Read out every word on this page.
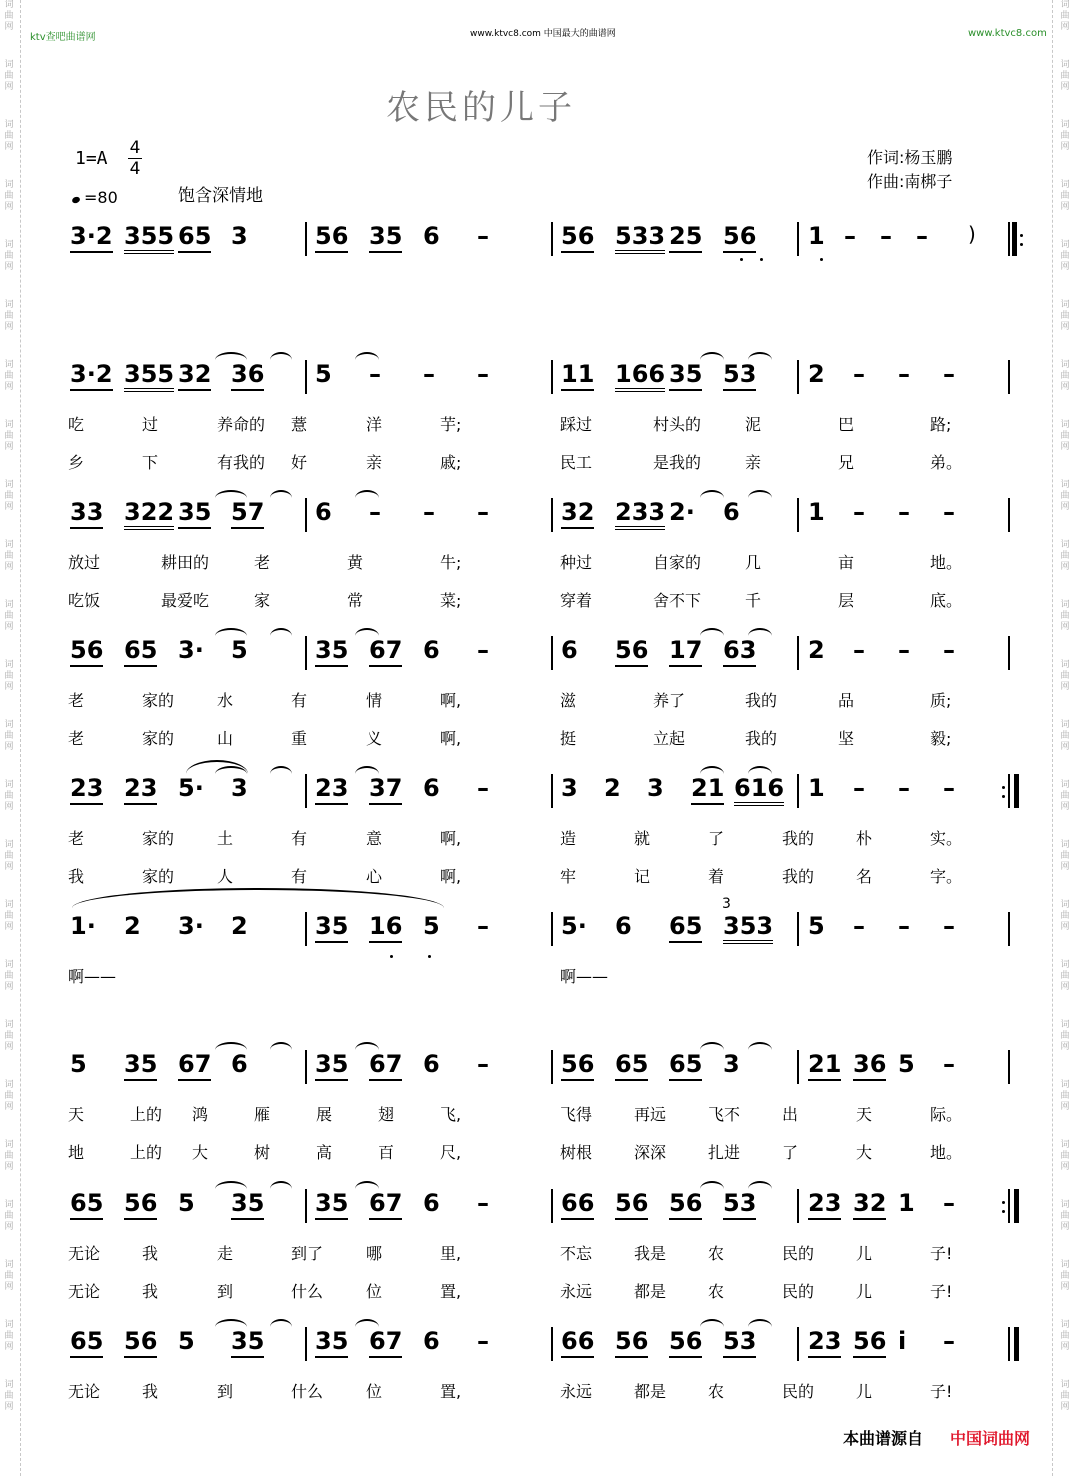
词
曲
网
词
曲
网
词
曲
网
词
曲
网
词
曲
网
词
曲
网
词
曲
网
词
曲
网
词
曲
网
词
曲
网
词
曲
网
词
曲
网
词
曲
网
词
曲
网
词
曲
网
词
曲
网
词
曲
网
词
曲
网
词
曲
网
词
曲
网
词
曲
网
词
曲
网
词
曲
网
词
曲
网
词
曲
网
词
曲
网
词
曲
网
词
曲
网
词
曲
网
词
曲
网
词
曲
网
词
曲
网
词
曲
网
词
曲
网
词
曲
网
词
曲
网
词
曲
网
词
曲
网
词
曲
网
词
曲
网
词
曲
网
词
曲
网
词
曲
网
词
曲
网
词
曲
网
词
曲
网
词
曲
网
词
曲
网
ktv查吧曲谱网	www.ktvc8.com 中国最大的曲谱网	www.ktvc8.com
农民的儿子
1=A 4
4
=80	饱含深情地
作词:杨玉鹏
作曲:南梆子
3·2 355 65 3	56 35 6 –	56 533 25 56 1 – – – )
3·2 355 32 36 5 – – –	11 166 35 53 2 – – –
吃	过	养命的 薏	洋	芋;	踩过	村头的	泥	巴	路;
乡	下	有我的 好	亲	戚;	民工	是我的	亲	兄	弟。
33 322 35 57 6 – – –	32 233 2· 6	1 – – –
放过	耕田的	老	黄	牛;	种过	自家的	几	亩	地。
吃饭	最爱吃	家	常	菜;	穿着	舍不下	千	层	底。
56 65 3· 5	35 67 6 –	6 56 17 63 2 – – –
老	家的	水	有	情	啊,	滋	养了	我的	品	质;
老	家的	山	重	义	啊,	挺	立起	我的	坚	毅;
23 23 5· 3	23 37 6 –	3 2 3 21 616 1 – – –
老	家的	土	有	意	啊,	造	就	了	我的	朴	实。
我	家的	人	有	心	啊,	牢	记	着	我的	名	字。
1· 2 3· 2	35 16 5 –	5· 6 65 353 5 – – –
啊——	啊——
5 35 67 6	35 67 6 –	56 65 65 3	21 36 5 –
天	上的 鸿	雁	展	翅	飞,	飞得	再远	飞不	出	天	际。
地	上的 大	树	高	百	尺,	树根	深深	扎进	了	大	地。
65 56 5 35 35 67 6 –	66 56 56 53 23 32 1 –
无论	我	走	到了	哪	里,	不忘	我是	农	民的	儿	子!
无论	我	到	什么	位	置,	永远	都是	农	民的	儿	子!
65 56 5 35 35 67 6 –	66 56 56 53 23 56 i –
无论	我	到	什么	位	置,	永远	都是	农	民的	儿	子!
3
本曲谱源自 中国词曲网
